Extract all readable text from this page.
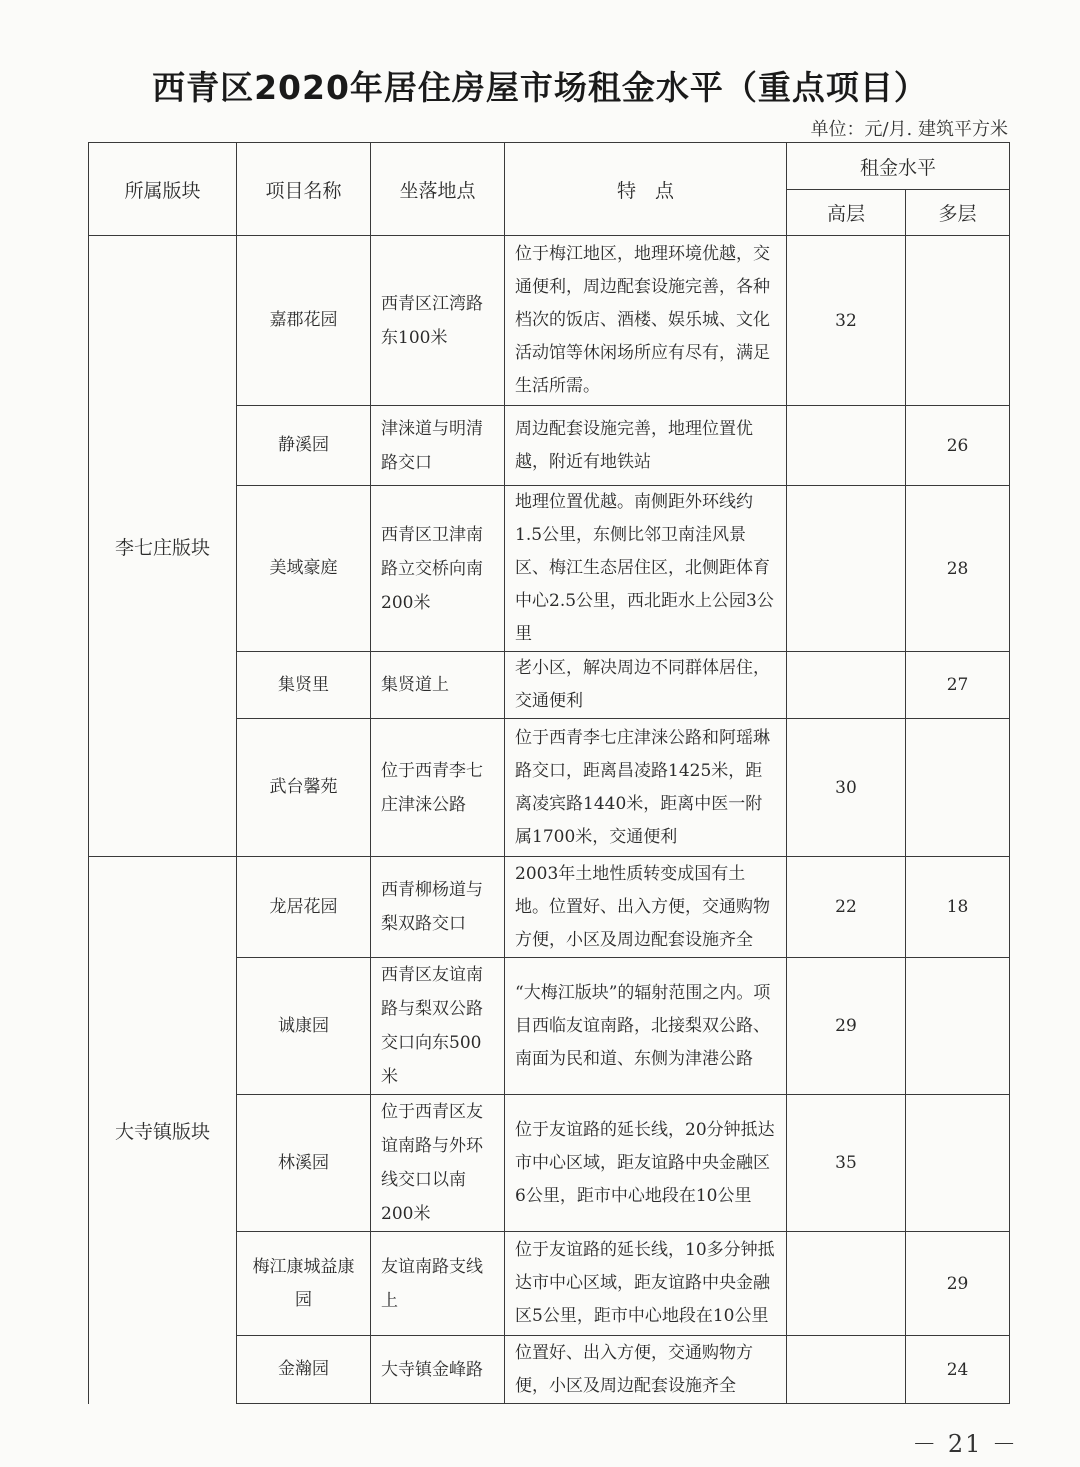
西青区2020年居住房屋市场租金水平（重点项目）
单位：元/月. 建筑平方米
所属版块	项目名称	坐落地点	特　点	租金水平	
				高层	多层
李七庄版块	嘉郡花园	西青区江湾路东100米	位于梅江地区，地理环境优越，交通便利，周边配套设施完善，各种档次的饭店、酒楼、娱乐城、文化活动馆等休闲场所应有尽有，满足生活所需。	32	
	静溪园	津涞道与明清路交口	周边配套设施完善，地理位置优越，附近有地铁站		26
	美域豪庭	西青区卫津南路立交桥向南200米	地理位置优越。南侧距外环线约1.5公里，东侧比邻卫南洼风景区、梅江生态居住区，北侧距体育中心2.5公里，西北距水上公园3公里		28
	集贤里	集贤道上	老小区，解决周边不同群体居住，交通便利		27
	武台馨苑	位于西青李七庄津涞公路	位于西青李七庄津涞公路和阿瑶琳路交口，距离昌凌路1425米，距离凌宾路1440米，距离中医一附属1700米，交通便利	30	
大寺镇版块	龙居花园	西青柳杨道与梨双路交口	2003年土地性质转变成国有土地。位置好、出入方便，交通购物方便，小区及周边配套设施齐全	22	18
	诚康园	西青区友谊南路与梨双公路交口向东500米	“大梅江版块”的辐射范围之内。项目西临友谊南路，北接梨双公路、南面为民和道、东侧为津港公路	29	
	林溪园	位于西青区友谊南路与外环线交口以南200米	位于友谊路的延长线，20分钟抵达市中心区域，距友谊路中央金融区6公里，距市中心地段在10公里	35	
	梅江康城益康园	友谊南路支线上	位于友谊路的延长线，10多分钟抵达市中心区域，距友谊路中央金融区5公里，距市中心地段在10公里		29
	金瀚园	大寺镇金峰路	位置好、出入方便，交通购物方便，小区及周边配套设施齐全		24
－ 21 －
